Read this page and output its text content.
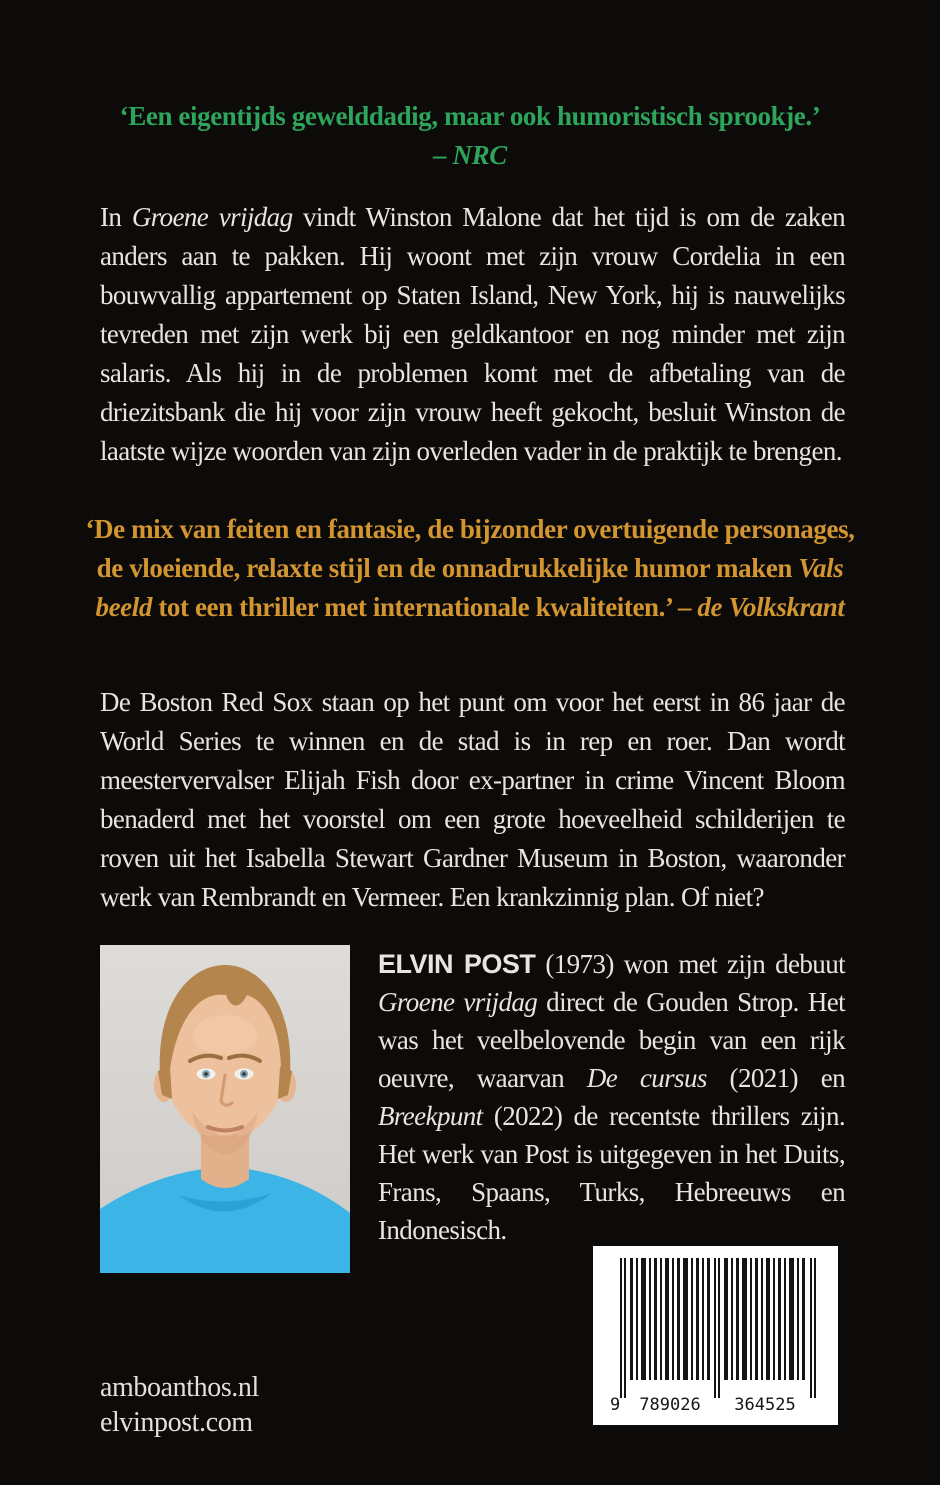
‘Een eigentijds gewelddadig, maar ook humoristisch sprookje.’
– NRC
In Groene vrijdag vindt Winston Malone dat het tijd is om de zaken anders aan te pakken. Hij woont met zijn vrouw Cordelia in een bouwvallig appartement op Staten Island, New York, hij is nauwelijks tevreden met zijn werk bij een geldkantoor en nog minder met zijn salaris. Als hij in de problemen komt met de afbetaling van de driezitsbank die hij voor zijn vrouw heeft gekocht, besluit Winston de laatste wijze woorden van zijn overleden vader in de praktijk te brengen.
‘De mix van feiten en fantasie, de bijzonder overtuigende personages, de vloeiende, relaxte stijl en de onnadrukkelijke humor maken Vals beeld tot een thriller met internationale kwaliteiten.’ – de Volkskrant
De Boston Red Sox staan op het punt om voor het eerst in 86 jaar de World Series te winnen en de stad is in rep en roer. Dan wordt meestervervalser Elijah Fish door ex-partner in crime Vincent Bloom benaderd met het voorstel om een grote hoeveelheid schilderijen te roven uit het Isabella Stewart Gardner Museum in Boston, waaronder werk van Rembrandt en Vermeer. Een krankzinnig plan. Of niet?
ELVIN POST (1973) won met zijn debuut Groene vrijdag direct de Gouden Strop. Het was het veelbelovende begin van een rijk oeuvre, waarvan De cursus (2021) en Breekpunt (2022) de recentste thrillers zijn. Het werk van Post is uitgegeven in het Duits, Frans, Spaans, Turks, Hebreeuws en Indonesisch.
9 789026 364525
amboanthos.nl
elvinpost.com
